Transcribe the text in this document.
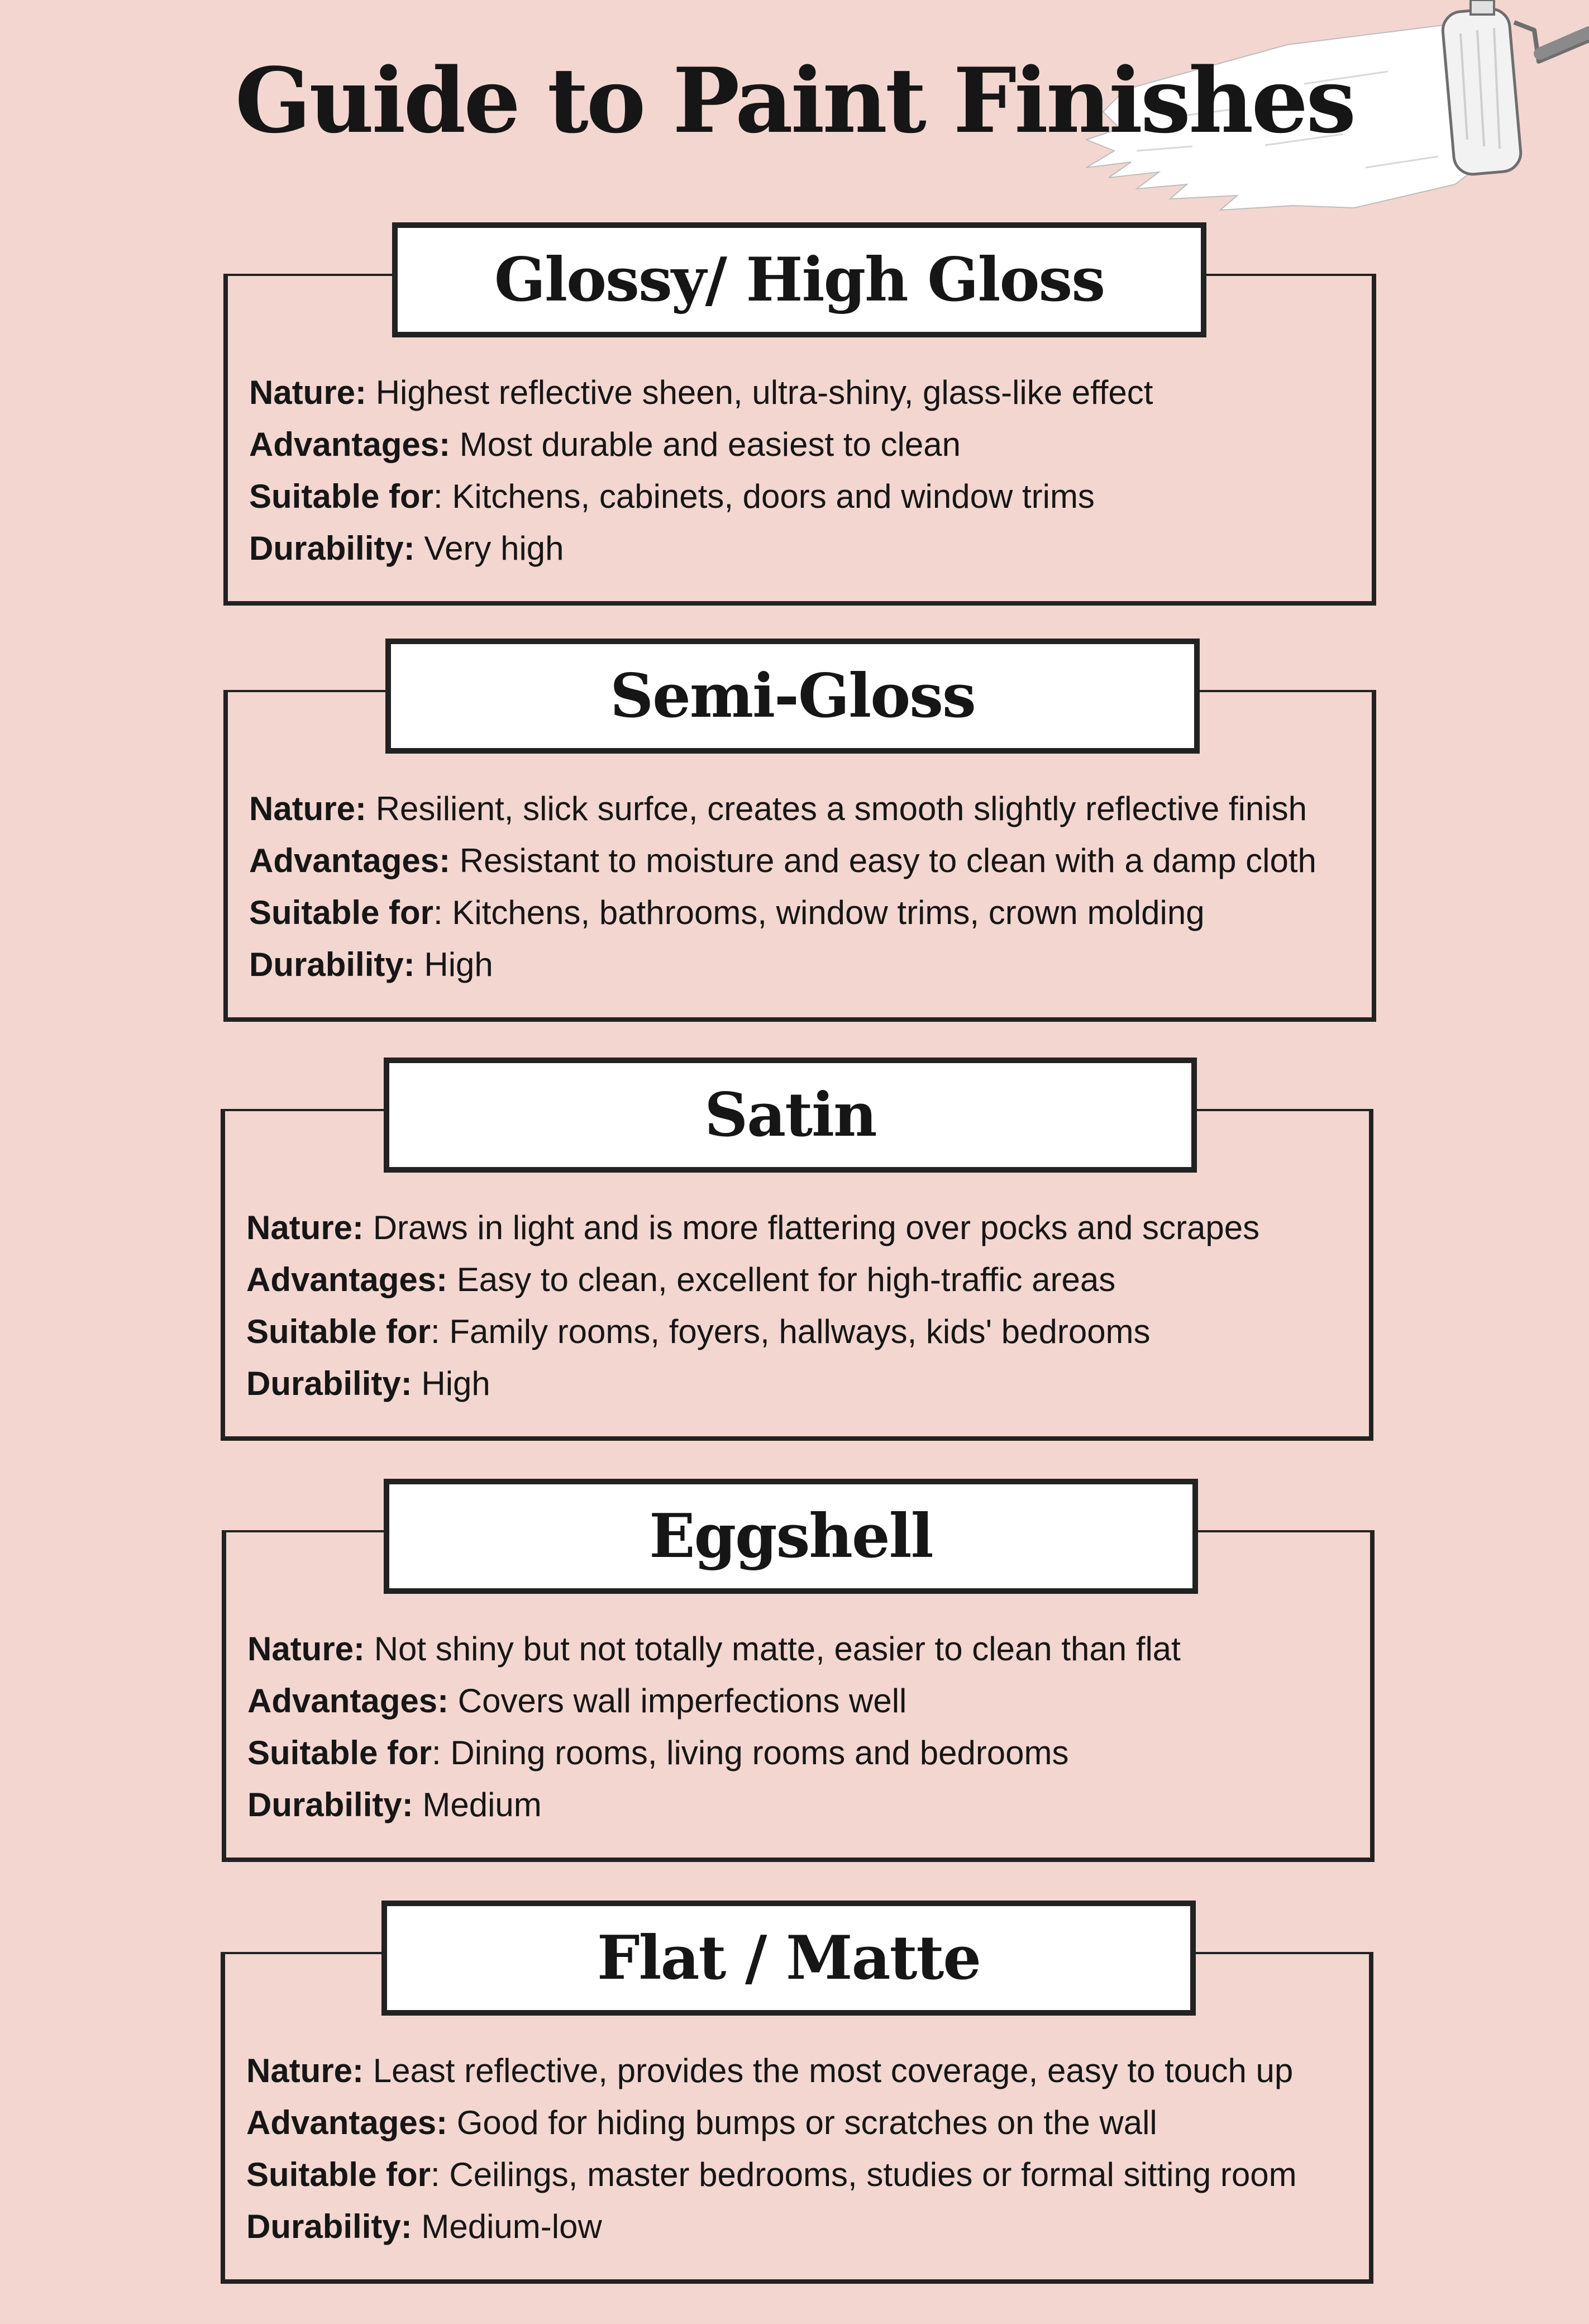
Guide to Paint Finishes
Glossy/ High Gloss
Nature: Highest reflective sheen, ultra-shiny, glass-like effect
Advantages: Most durable and easiest to clean
Suitable for: Kitchens, cabinets, doors and window trims
Durability: Very high
Semi-Gloss
Nature: Resilient, slick surfce, creates a smooth slightly reflective finish
Advantages: Resistant to moisture and easy to clean with a damp cloth
Suitable for: Kitchens, bathrooms, window trims, crown molding
Durability: High
Satin
Nature: Draws in light and is more flattering over pocks and scrapes
Advantages: Easy to clean, excellent for high-traffic areas
Suitable for: Family rooms, foyers, hallways, kids' bedrooms
Durability: High
Eggshell
Nature: Not shiny but not totally matte, easier to clean than flat
Advantages: Covers wall imperfections well
Suitable for: Dining rooms, living rooms and bedrooms
Durability: Medium
Flat / Matte
Nature: Least reflective, provides the most coverage, easy to touch up
Advantages: Good for hiding bumps or scratches on the wall
Suitable for: Ceilings, master bedrooms, studies or formal sitting room
Durability: Medium-low
